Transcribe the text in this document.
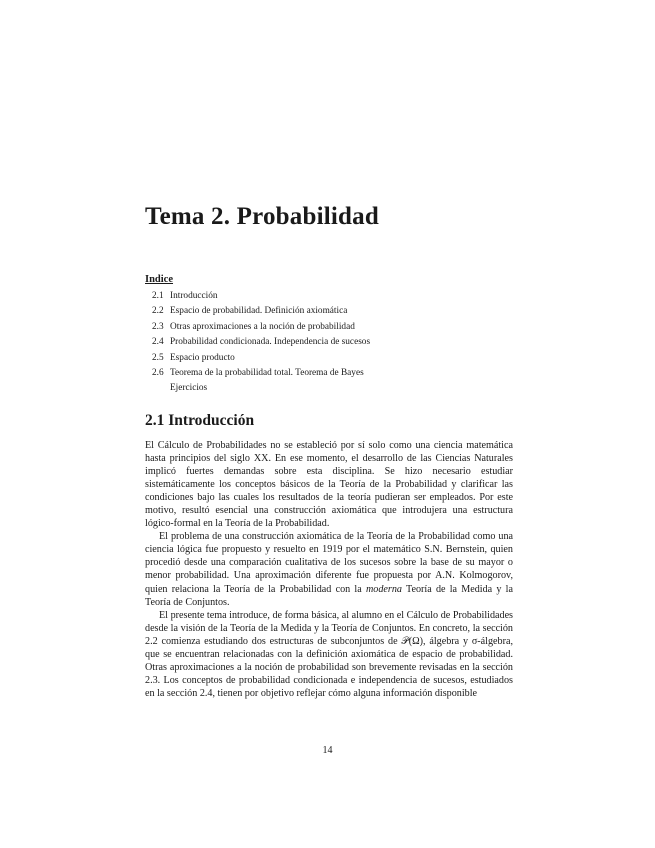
Tema 2. Probabilidad
Indice
2.1 Introducción
2.2 Espacio de probabilidad. Definición axiomática
2.3 Otras aproximaciones a la noción de probabilidad
2.4 Probabilidad condicionada. Independencia de sucesos
2.5 Espacio producto
2.6 Teorema de la probabilidad total. Teorema de Bayes
Ejercicios
2.1 Introducción

El Cálculo de Probabilidades no se estableció por sí solo como una ciencia matemática hasta principios del siglo XX. En ese momento, el desarrollo de las Ciencias Naturales implicó fuertes demandas sobre esta disciplina. Se hizo necesario estudiar sistemáticamente los conceptos básicos de la Teoría de la Probabilidad y clarificar las condiciones bajo las cuales los resultados de la teoría pudieran ser empleados. Por este motivo, resultó esencial una construcción axiomática que introdujera una estructura lógico-formal en la Teoría de la Probabilidad.

El problema de una construcción axiomática de la Teoría de la Probabilidad como una ciencia lógica fue propuesto y resuelto en 1919 por el matemático S.N. Bernstein, quien procedió desde una comparación cualitativa de los sucesos sobre la base de su mayor o menor probabilidad. Una aproximación diferente fue propuesta por A.N. Kolmogorov, quien relaciona la Teoría de la Probabilidad con la moderna Teoría de la Medida y la Teoría de Conjuntos.

El presente tema introduce, de forma básica, al alumno en el Cálculo de Probabilidades desde la visión de la Teoría de la Medida y la Teoría de Conjuntos. En concreto, la sección 2.2 comienza estudiando dos estructuras de subconjuntos de 𝒫(Ω), álgebra y σ-álgebra, que se encuentran relacionadas con la definición axiomática de espacio de probabilidad. Otras aproximaciones a la noción de probabilidad son brevemente revisadas en la sección 2.3. Los conceptos de probabilidad condicionada e independencia de sucesos, estudiados en la sección 2.4, tienen por objetivo reflejar cómo alguna información disponible

14
